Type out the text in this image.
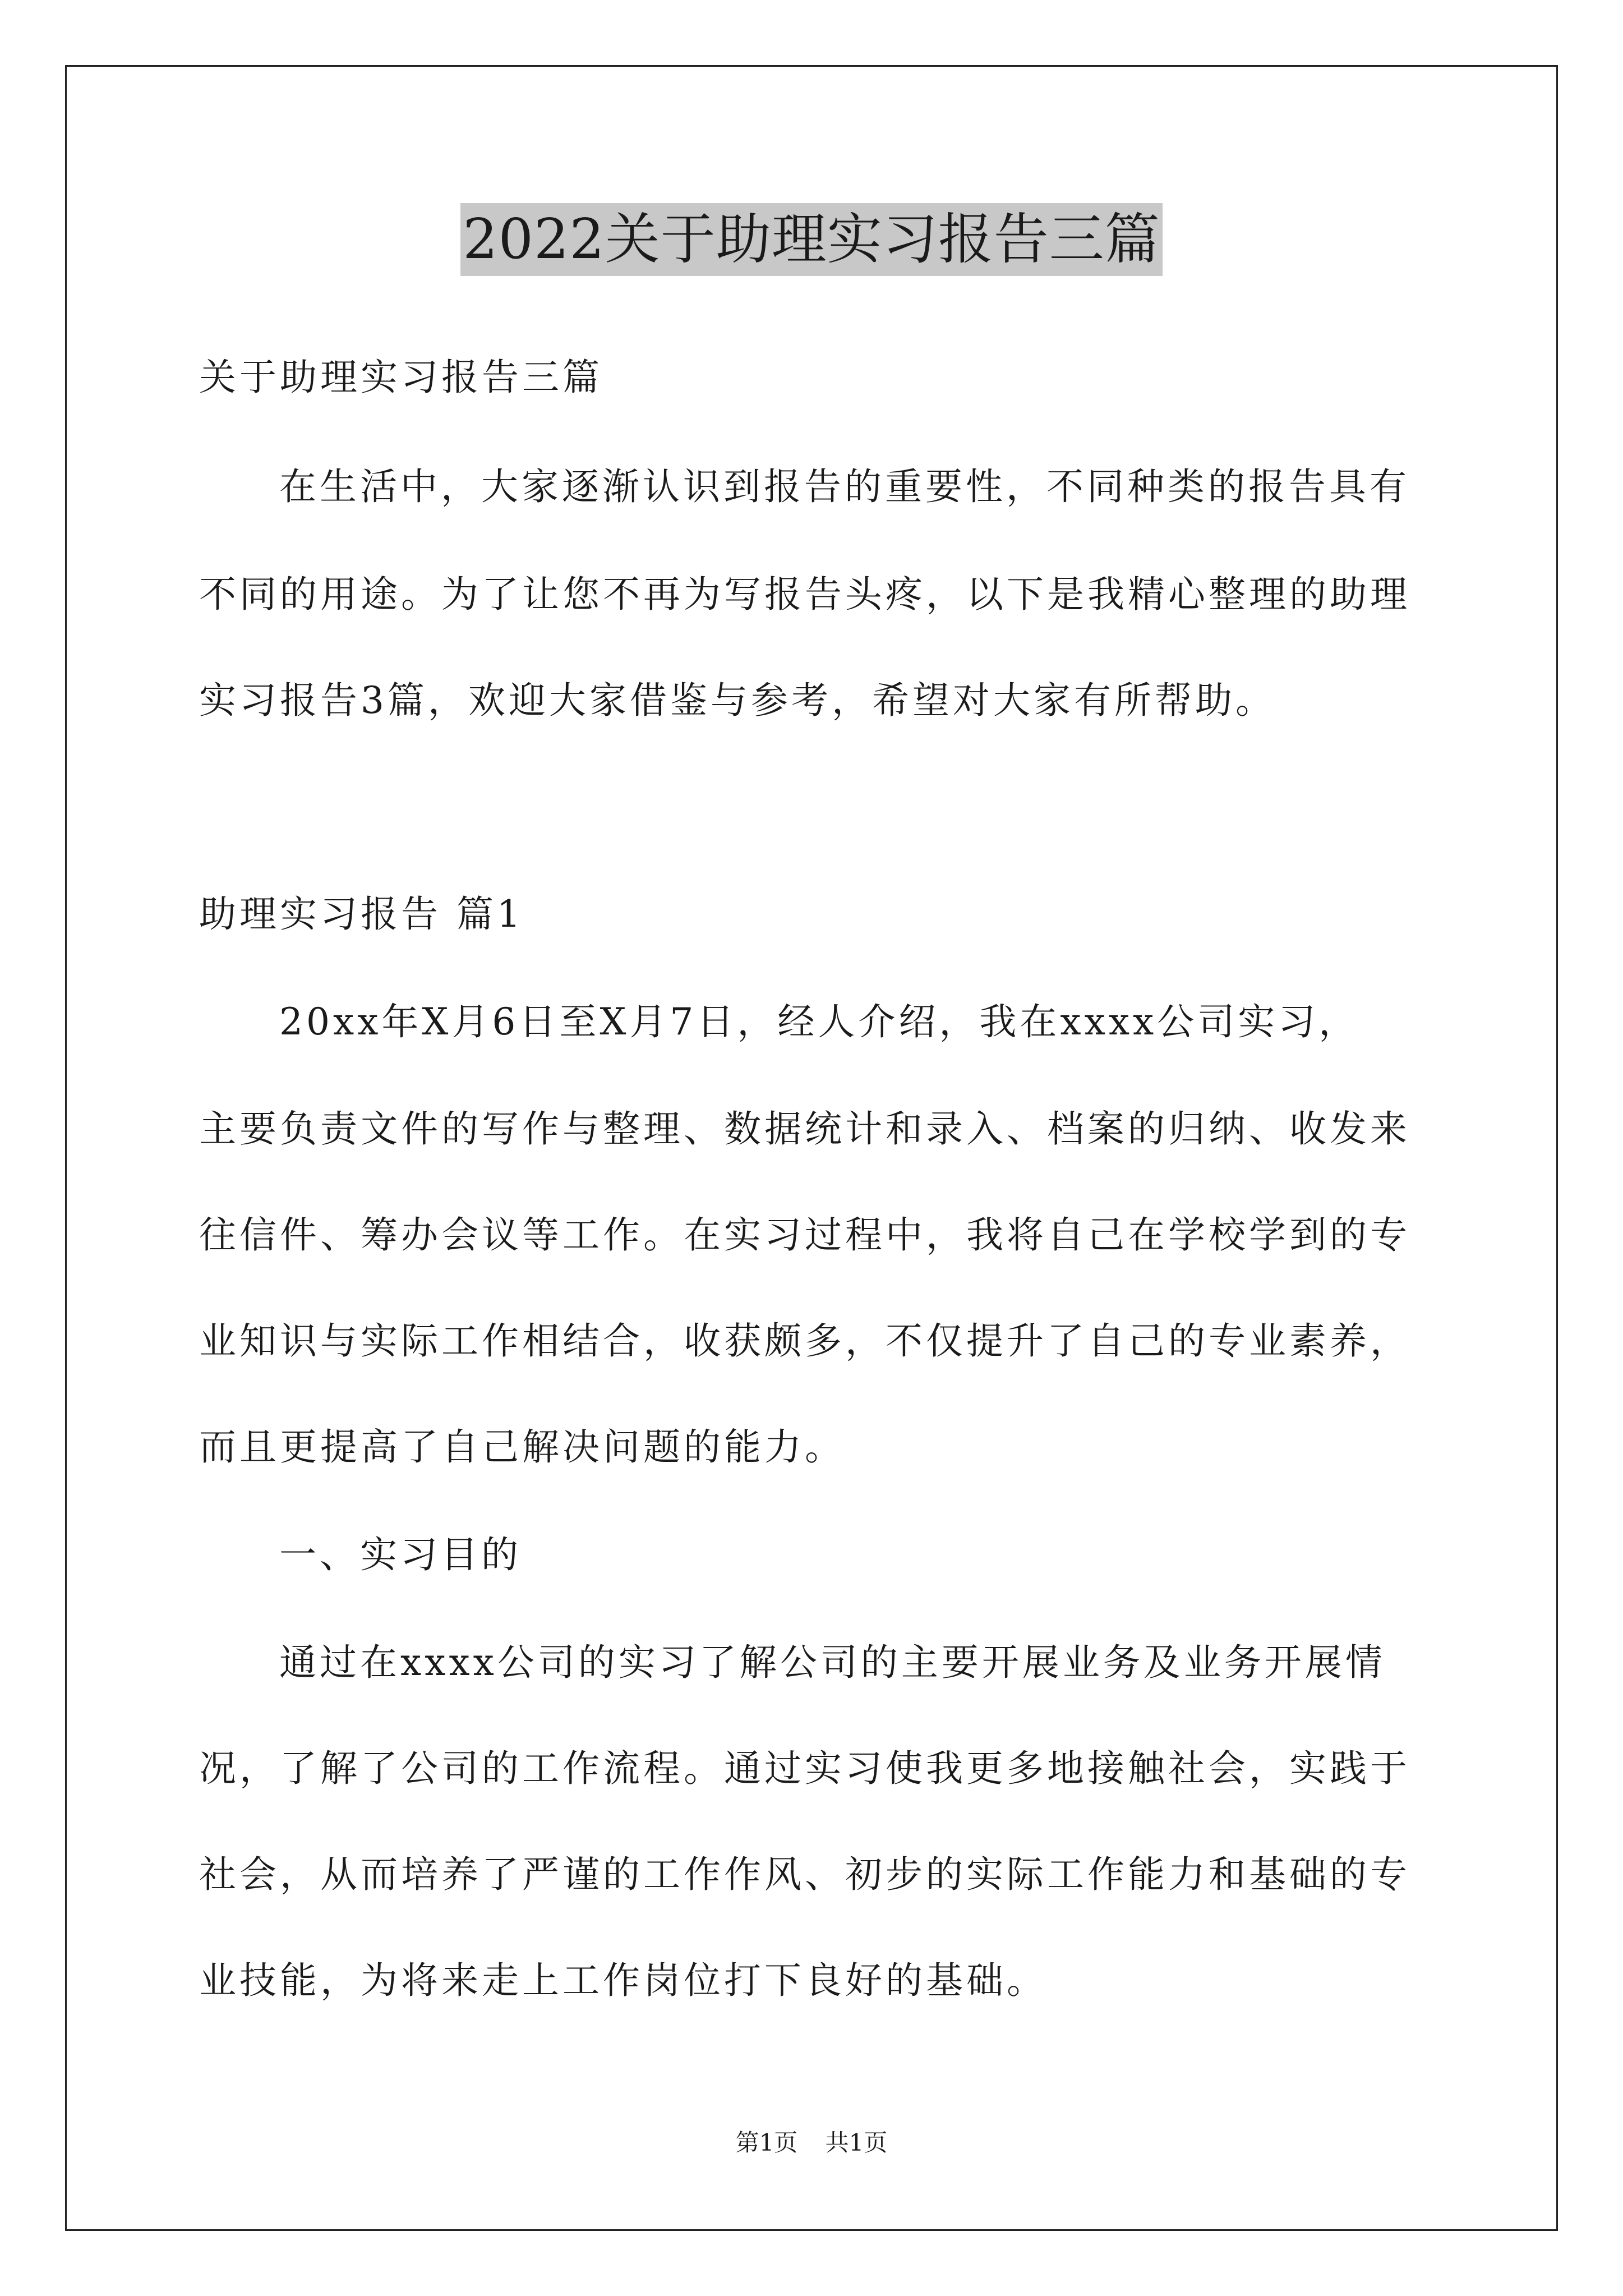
2022关于助理实习报告三篇
关于助理实习报告三篇
在生活中，大家逐渐认识到报告的重要性，不同种类的报告具有
不同的用途。为了让您不再为写报告头疼，以下是我精心整理的助理
实习报告3篇，欢迎大家借鉴与参考，希望对大家有所帮助。
助理实习报告 篇1
20xx年X月6日至X月7日，经人介绍，我在xxxx公司实习，
主要负责文件的写作与整理、数据统计和录入、档案的归纳、收发来
往信件、筹办会议等工作。在实习过程中，我将自己在学校学到的专
业知识与实际工作相结合，收获颇多，不仅提升了自己的专业素养，
而且更提高了自己解决问题的能力。
一、实习目的
通过在xxxx公司的实习了解公司的主要开展业务及业务开展情
况，了解了公司的工作流程。通过实习使我更多地接触社会，实践于
社会，从而培养了严谨的工作作风、初步的实际工作能力和基础的专
业技能，为将来走上工作岗位打下良好的基础。
第1页 共1页
